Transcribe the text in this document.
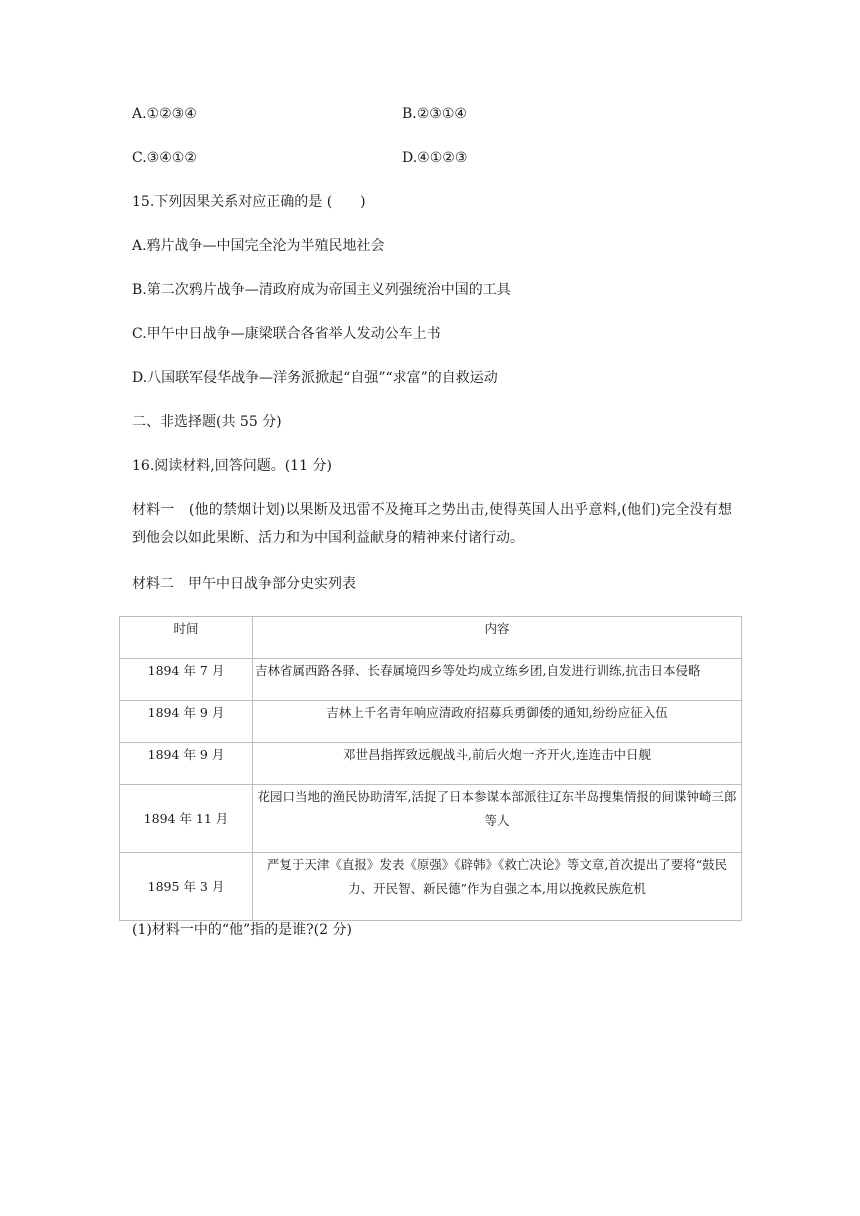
A.①②③④	B.②③①④
C.③④①②	D.④①②③
15.下列因果关系对应正确的是 (　　)
A.鸦片战争—中国完全沦为半殖民地社会
B.第二次鸦片战争—清政府成为帝国主义列强统治中国的工具
C.甲午中日战争—康梁联合各省举人发动公车上书
D.八国联军侵华战争—洋务派掀起“自强”“求富”的自救运动
二、非选择题(共 55 分)
16.阅读材料,回答问题。(11 分)
材料一　(他的禁烟计划)以果断及迅雷不及掩耳之势出击,使得英国人出乎意料,(他们)完全没有想到他会以如此果断、活力和为中国利益献身的精神来付诸行动。
材料二　甲午中日战争部分史实列表
时间	内容
1894 年 7 月	吉林省属西路各驿、长春属境四乡等处均成立练乡团,自发进行训练,抗击日本侵略
1894 年 9 月	吉林上千名青年响应清政府招募兵勇御倭的通知,纷纷应征入伍
1894 年 9 月	邓世昌指挥致远舰战斗,前后火炮一齐开火,连连击中日舰
1894 年 11 月	花园口当地的渔民协助清军,活捉了日本参谋本部派往辽东半岛搜集情报的间谍钟崎三郎等人
1895 年 3 月	严复于天津《直报》发表《原强》《辟韩》《救亡决论》等文章,首次提出了要将“鼓民力、开民智、新民德”作为自强之本,用以挽救民族危机
(1)材料一中的“他”指的是谁?(2 分)
